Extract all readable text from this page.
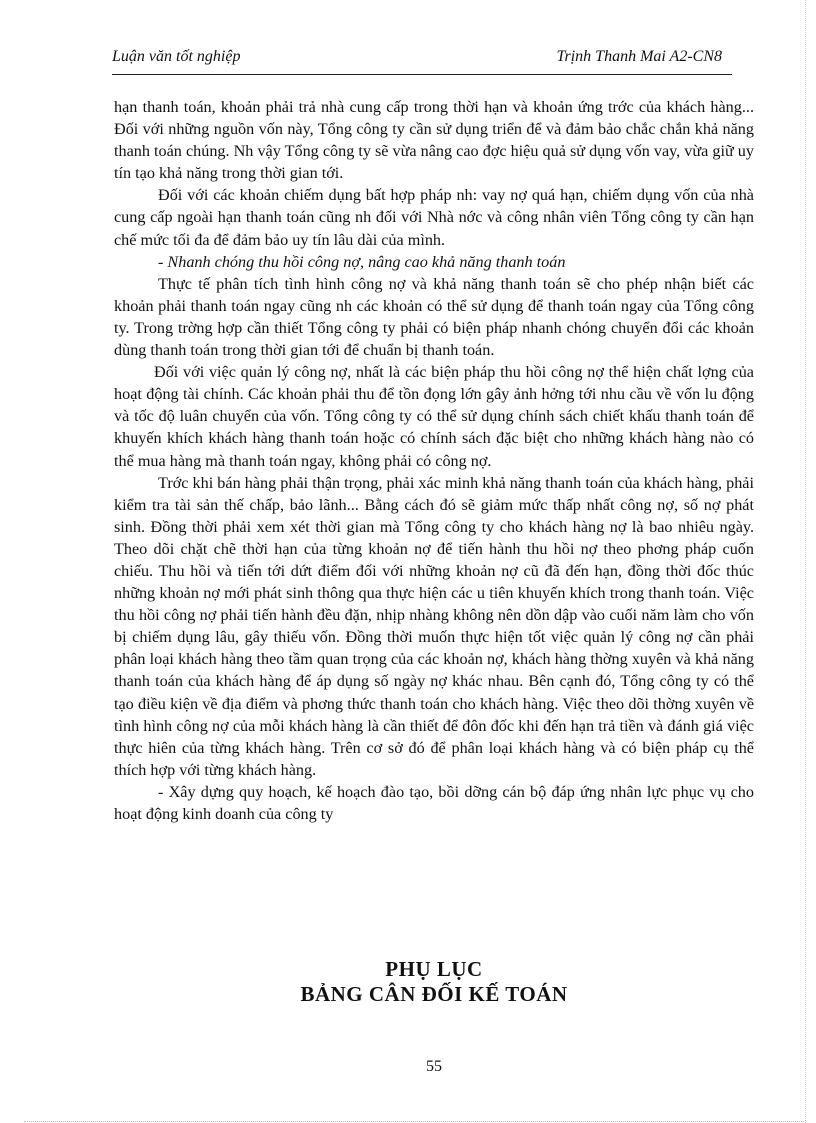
Luận văn tốt nghiệp	Trịnh Thanh Mai A2-CN8

hạn thanh toán, khoản phải trả nhà cung cấp trong thời hạn và khoản ứng trớc của khách hàng... Đối với những nguồn vốn này, Tổng công ty cần sử dụng triển để và đảm bảo chắc chắn khả năng thanh toán chúng. Nh vậy Tổng công ty sẽ vừa nâng cao đợc hiệu quả sử dụng vốn vay, vừa giữ uy tín tạo khả năng trong thời gian tới.

Đối với các khoản chiếm dụng bất hợp pháp nh: vay nợ quá hạn, chiếm dụng vốn của nhà cung cấp ngoài hạn thanh toán cũng nh đối với Nhà nớc và công nhân viên Tổng công ty cần hạn chế mức tối đa để đảm bảo uy tín lâu dài của mình.

- Nhanh chóng thu hồi công nợ, nâng cao khả năng thanh toán

Thực tế phân tích tình hình công nợ và khả năng thanh toán sẽ cho phép nhận biết các khoản phải thanh toán ngay cũng nh các khoản có thể sử dụng để thanh toán ngay của Tổng công ty. Trong trờng hợp cần thiết Tổng công ty phải có biện pháp nhanh chóng chuyển đổi các khoản dùng thanh toán trong thời gian tới để chuẩn bị thanh toán.

Đối với việc quản lý công nợ, nhất là các biện pháp thu hồi công nợ thể hiện chất lợng của hoạt động tài chính. Các khoản phải thu để tồn đọng lớn gây ảnh hởng tới nhu cầu về vốn lu động và tốc độ luân chuyển của vốn. Tổng công ty có thể sử dụng chính sách chiết khấu thanh toán để khuyến khích khách hàng thanh toán hoặc có chính sách đặc biệt cho những khách hàng nào có thể mua hàng mà thanh toán ngay, không phải có công nợ.

Trớc khi bán hàng phải thận trọng, phải xác minh khả năng thanh toán của khách hàng, phải kiểm tra tài sản thế chấp, bảo lãnh... Bằng cách đó sẽ giảm mức thấp nhất công nợ, số nợ phát sinh. Đồng thời phải xem xét thời gian mà Tổng công ty cho khách hàng nợ là bao nhiêu ngày. Theo dõi chặt chẽ thời hạn của từng khoản nợ để tiến hành thu hồi nợ theo phơng pháp cuốn chiếu. Thu hồi và tiến tới dứt điểm đối với những khoản nợ cũ đã đến hạn, đồng thời đốc thúc những khoản nợ mới phát sinh thông qua thực hiện các u tiên khuyến khích trong thanh toán. Việc thu hồi công nợ phải tiến hành đều đặn, nhịp nhàng không nên dồn dập vào cuối năm làm cho vốn bị chiếm dụng lâu, gây thiếu vốn. Đồng thời muốn thực hiện tốt việc quản lý công nợ cần phải phân loại khách hàng theo tầm quan trọng của các khoản nợ, khách hàng thờng xuyên và khả năng thanh toán của khách hàng để áp dụng số ngày nợ khác nhau. Bên cạnh đó, Tổng công ty có thể tạo điều kiện về địa điểm và phơng thức thanh toán cho khách hàng. Việc theo dõi thờng xuyên về tình hình công nợ của mỗi khách hàng là cần thiết để đôn đốc khi đến hạn trả tiền và đánh giá việc thực hiên của từng khách hàng. Trên cơ sở đó để phân loại khách hàng và có biện pháp cụ thể thích hợp với từng khách hàng.

- Xây dựng quy hoạch, kế hoạch đào tạo, bồi dỡng cán bộ đáp ứng nhân lực phục vụ cho hoạt động kinh doanh của công ty

PHỤ LỤC
BẢNG CÂN ĐỐI KẾ TOÁN
55
